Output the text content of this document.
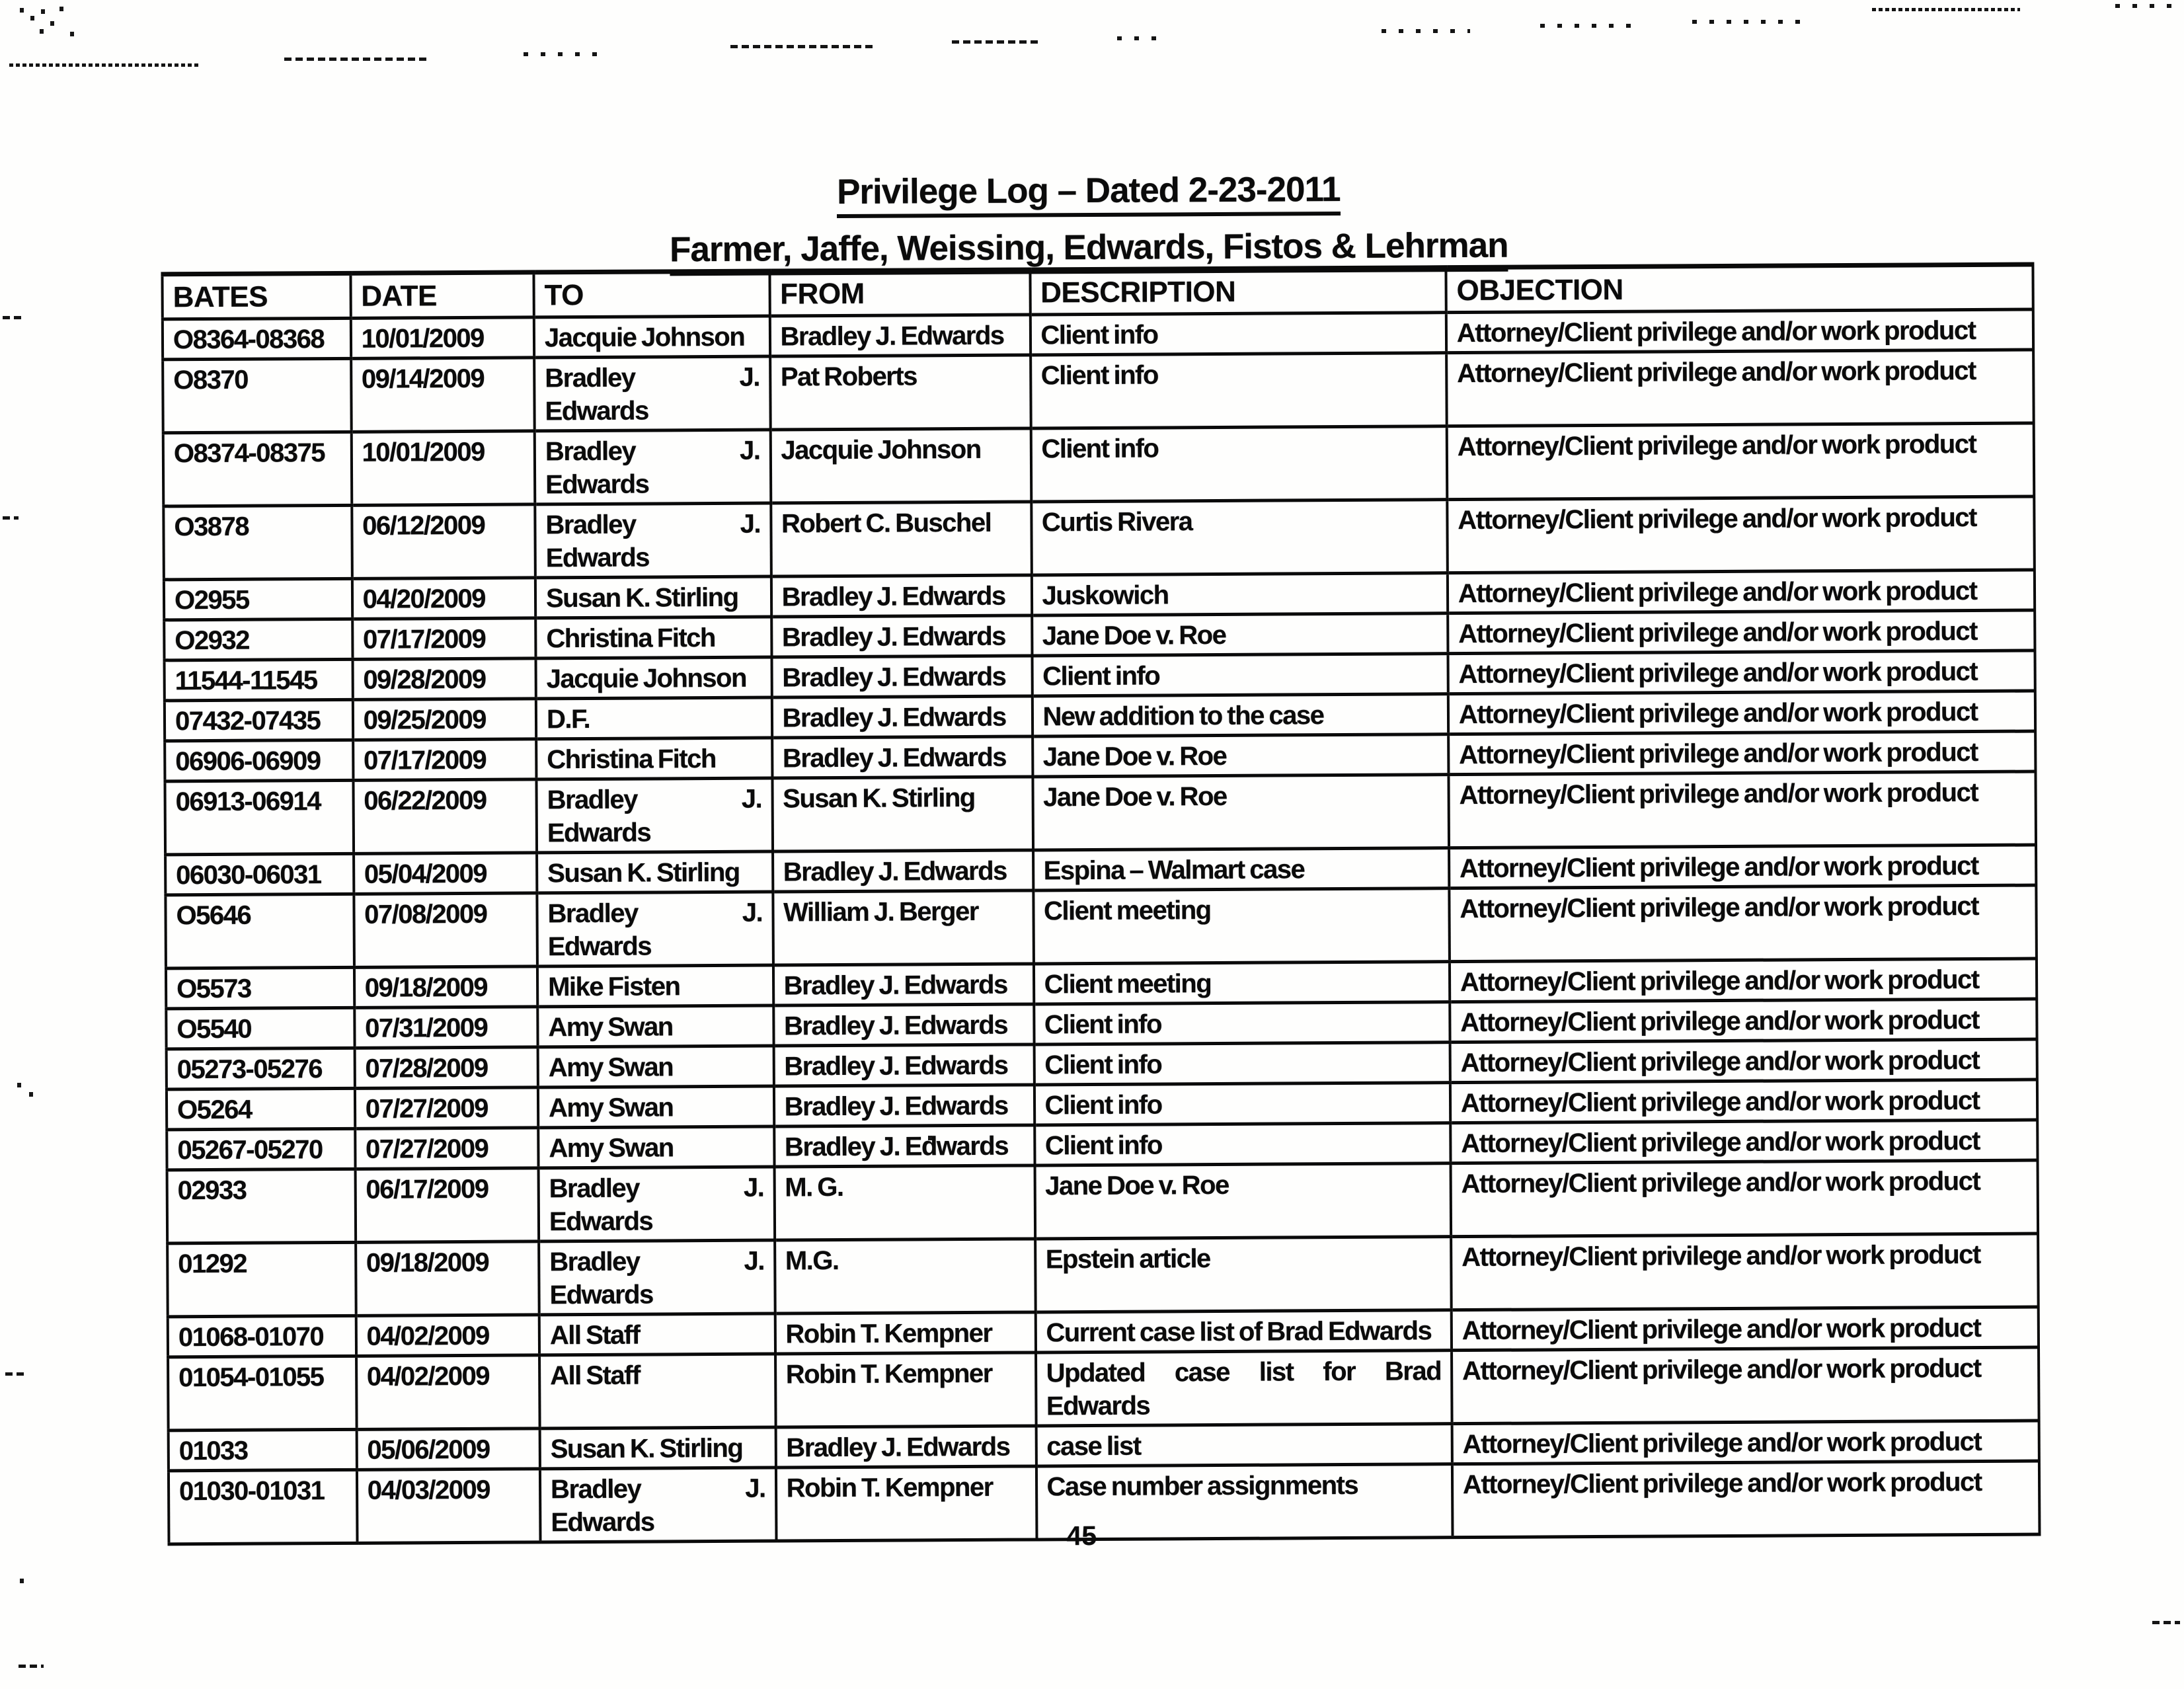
Privilege Log – Dated 2-23-2011
Farmer, Jaffe, Weissing, Edwards, Fistos & Lehrman
BATES	DATE	TO	FROM	DESCRIPTION	OBJECTION
O8364-08368	10/01/2009	Jacquie Johnson	Bradley J. Edwards	Client info	Attorney/Client privilege and/or work product
O8370	09/14/2009	Bradley J. Edwards	Pat Roberts	Client info	Attorney/Client privilege and/or work product
O8374-08375	10/01/2009	Bradley J. Edwards	Jacquie Johnson	Client info	Attorney/Client privilege and/or work product
O3878	06/12/2009	Bradley J. Edwards	Robert C. Buschel	Curtis Rivera	Attorney/Client privilege and/or work product
O2955	04/20/2009	Susan K. Stirling	Bradley J. Edwards	Juskowich	Attorney/Client privilege and/or work product
O2932	07/17/2009	Christina Fitch	Bradley J. Edwards	Jane Doe v. Roe	Attorney/Client privilege and/or work product
11544-11545	09/28/2009	Jacquie Johnson	Bradley J. Edwards	Client info	Attorney/Client privilege and/or work product
07432-07435	09/25/2009	D.F.	Bradley J. Edwards	New addition to the case	Attorney/Client privilege and/or work product
06906-06909	07/17/2009	Christina Fitch	Bradley J. Edwards	Jane Doe v. Roe	Attorney/Client privilege and/or work product
06913-06914	06/22/2009	Bradley J. Edwards	Susan K. Stirling	Jane Doe v. Roe	Attorney/Client privilege and/or work product
06030-06031	05/04/2009	Susan K. Stirling	Bradley J. Edwards	Espina – Walmart case	Attorney/Client privilege and/or work product
O5646	07/08/2009	Bradley J. Edwards	William J. Berger	Client meeting	Attorney/Client privilege and/or work product
O5573	09/18/2009	Mike Fisten	Bradley J. Edwards	Client meeting	Attorney/Client privilege and/or work product
O5540	07/31/2009	Amy Swan	Bradley J. Edwards	Client info	Attorney/Client privilege and/or work product
05273-05276	07/28/2009	Amy Swan	Bradley J. Edwards	Client info	Attorney/Client privilege and/or work product
O5264	07/27/2009	Amy Swan	Bradley J. Edwards	Client info	Attorney/Client privilege and/or work product
05267-05270	07/27/2009	Amy Swan	Bradley J. Edwards	Client info	Attorney/Client privilege and/or work product
02933	06/17/2009	Bradley J. Edwards	M. G.	Jane Doe v. Roe	Attorney/Client privilege and/or work product
01292	09/18/2009	Bradley J. Edwards	M.G.	Epstein article	Attorney/Client privilege and/or work product
01068-01070	04/02/2009	All Staff	Robin T. Kempner	Current case list of Brad Edwards	Attorney/Client privilege and/or work product
01054-01055	04/02/2009	All Staff	Robin T. Kempner	Updated case list for Brad Edwards	Attorney/Client privilege and/or work product
01033	05/06/2009	Susan K. Stirling	Bradley J. Edwards	case list	Attorney/Client privilege and/or work product
01030-01031	04/03/2009	Bradley J. Edwards	Robin T. Kempner	Case number assignments	Attorney/Client privilege and/or work product
45
